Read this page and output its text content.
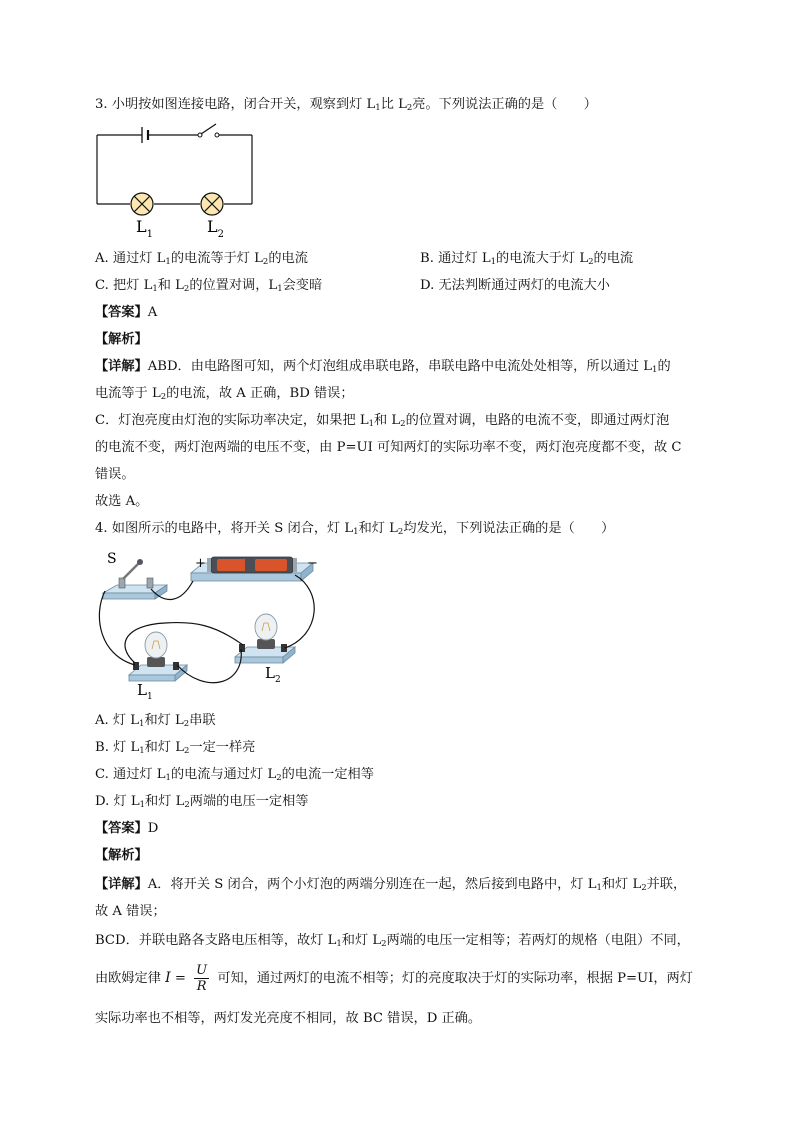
3. 小明按如图连接电路，闭合开关，观察到灯 $L_1$比 $L_2$亮。下列说法正确的是（　　）
$L_1$	$L_2$
A. 通过灯 $L_1$的电流等于灯 $L_2$的电流	B. 通过灯 $L_1$的电流大于灯 $L_2$的电流
C. 把灯 $L_1$和 $L_2$的位置对调，$L_1$会变暗	D. 无法判断通过两灯的电流大小
【答案】A
【解析】
【详解】ABD．由电路图可知，两个灯泡组成串联电路，串联电路中电流处处相等，所以通过 $L_1$的
电流等于 $L_2$的电流，故 A 正确，BD 错误；
C．灯泡亮度由灯泡的实际功率决定，如果把 $L_1$和 $L_2$的位置对调，电路的电流不变，即通过两灯泡
的电流不变，两灯泡两端的电压不变，由 P=UI 可知两灯的实际功率不变，两灯泡亮度都不变，故 C
错误。
故选 A。
4. 如图所示的电路中，将开关 S 闭合，灯 $L_1$和灯 $L_2$均发光，下列说法正确的是（　　）
S	+	−
$L_1$
$L_2$
A. 灯 $L_1$和灯 $L_2$串联
B. 灯 $L_1$和灯 $L_2$一定一样亮
C. 通过灯 $L_1$的电流与通过灯 $L_2$的电流一定相等
D. 灯 $L_1$和灯 $L_2$两端的电压一定相等
【答案】D
【解析】
【详解】A．将开关 S 闭合，两个小灯泡的两端分别连在一起，然后接到电路中，灯 $L_1$和灯 $L_2$并联，
故 A 错误；
BCD．并联电路各支路电压相等，故灯 $L_1$和灯 $L_2$两端的电压一定相等；若两灯的规格（电阻）不同，
由欧姆定律 $I = \frac{U}{R}$ 可知，通过两灯的电流不相等；灯的亮度取决于灯的实际功率，根据 P=UI，两灯
实际功率也不相等，两灯发光亮度不相同，故 BC 错误，D 正确。
